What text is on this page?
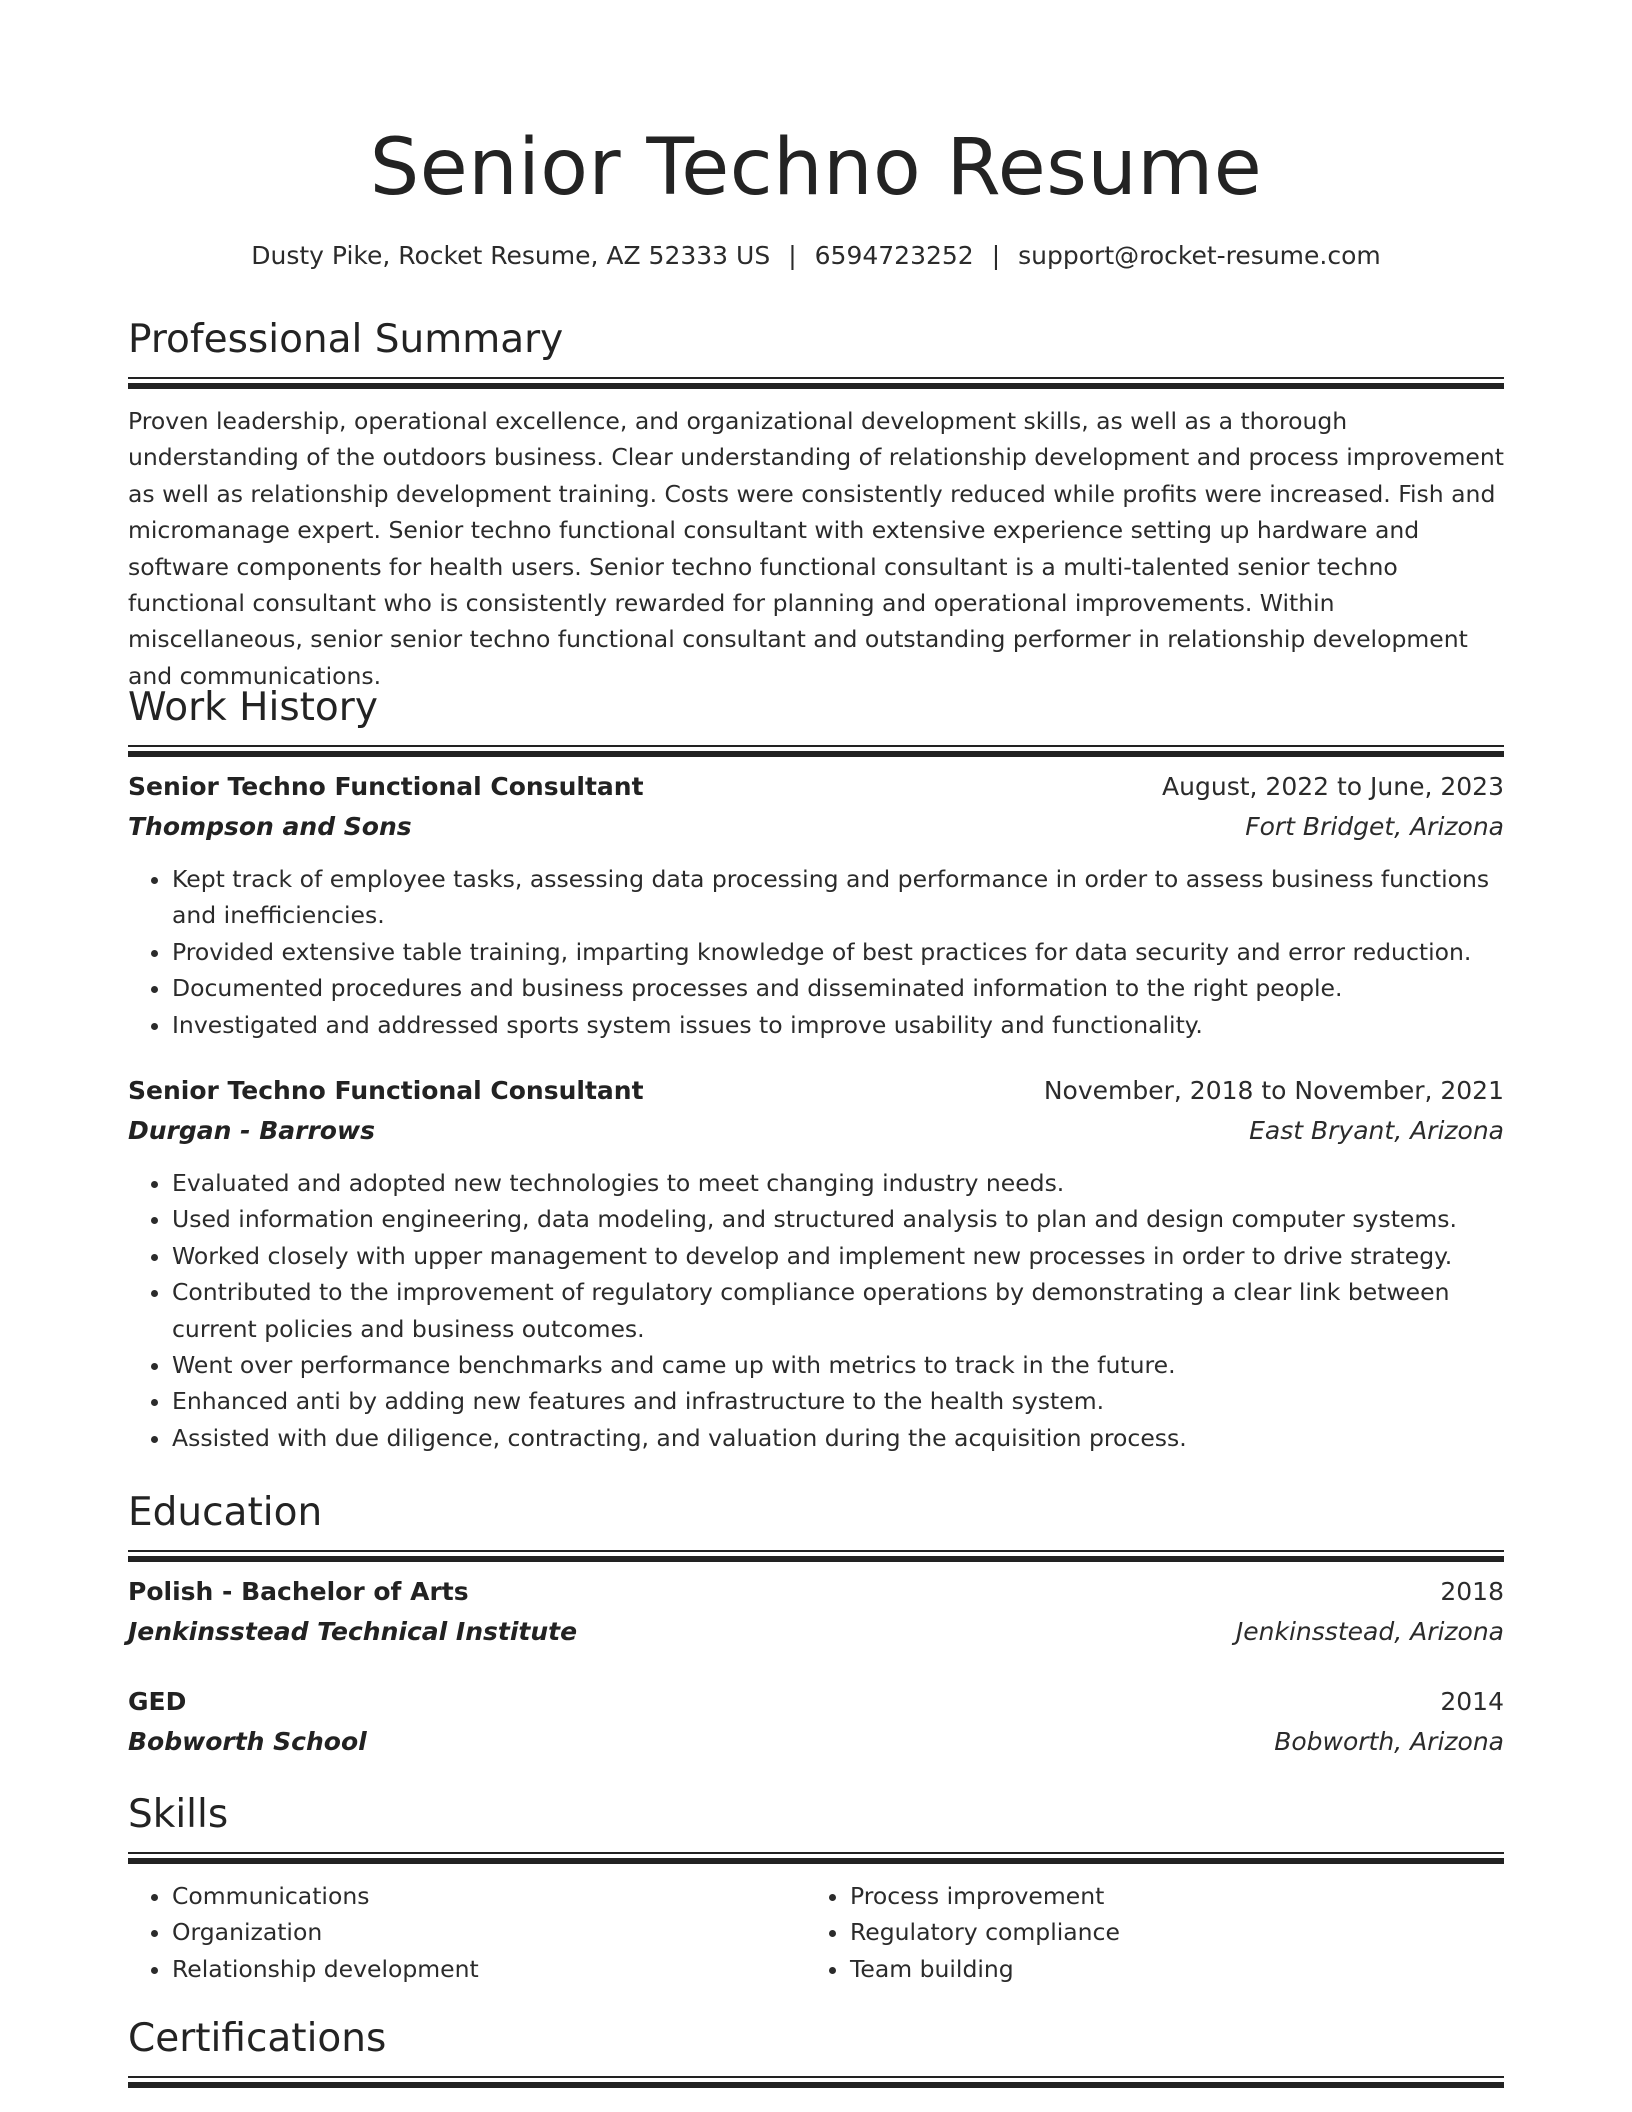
Senior Techno Resume
Dusty Pike, Rocket Resume, AZ 52333 US | 6594723252 | support@rocket-resume.com
Professional Summary
Proven leadership, operational excellence, and organizational development skills, as well as a thorough understanding of the outdoors business. Clear understanding of relationship development and process improvement as well as relationship development training. Costs were consistently reduced while profits were increased. Fish and micromanage expert. Senior techno functional consultant with extensive experience setting up hardware and software components for health users. Senior techno functional consultant is a multi-talented senior techno functional consultant who is consistently rewarded for planning and operational improvements. Within miscellaneous, senior senior techno functional consultant and outstanding performer in relationship development and communications.
Work History
Senior Techno Functional Consultant	August, 2022 to June, 2023
Thompson and Sons	Fort Bridget, Arizona
• Kept track of employee tasks, assessing data processing and performance in order to assess business functions and inefficiencies.
• Provided extensive table training, imparting knowledge of best practices for data security and error reduction.
• Documented procedures and business processes and disseminated information to the right people.
• Investigated and addressed sports system issues to improve usability and functionality.
Senior Techno Functional Consultant	November, 2018 to November, 2021
Durgan - Barrows	East Bryant, Arizona
• Evaluated and adopted new technologies to meet changing industry needs.
• Used information engineering, data modeling, and structured analysis to plan and design computer systems.
• Worked closely with upper management to develop and implement new processes in order to drive strategy.
• Contributed to the improvement of regulatory compliance operations by demonstrating a clear link between current policies and business outcomes.
• Went over performance benchmarks and came up with metrics to track in the future.
• Enhanced anti by adding new features and infrastructure to the health system.
• Assisted with due diligence, contracting, and valuation during the acquisition process.
Education
Polish - Bachelor of Arts	2018
Jenkinsstead Technical Institute	Jenkinsstead, Arizona
GED	2014
Bobworth School	Bobworth, Arizona
Skills
• Communications
• Organization
• Relationship development
• Process improvement
• Regulatory compliance
• Team building
Certifications
